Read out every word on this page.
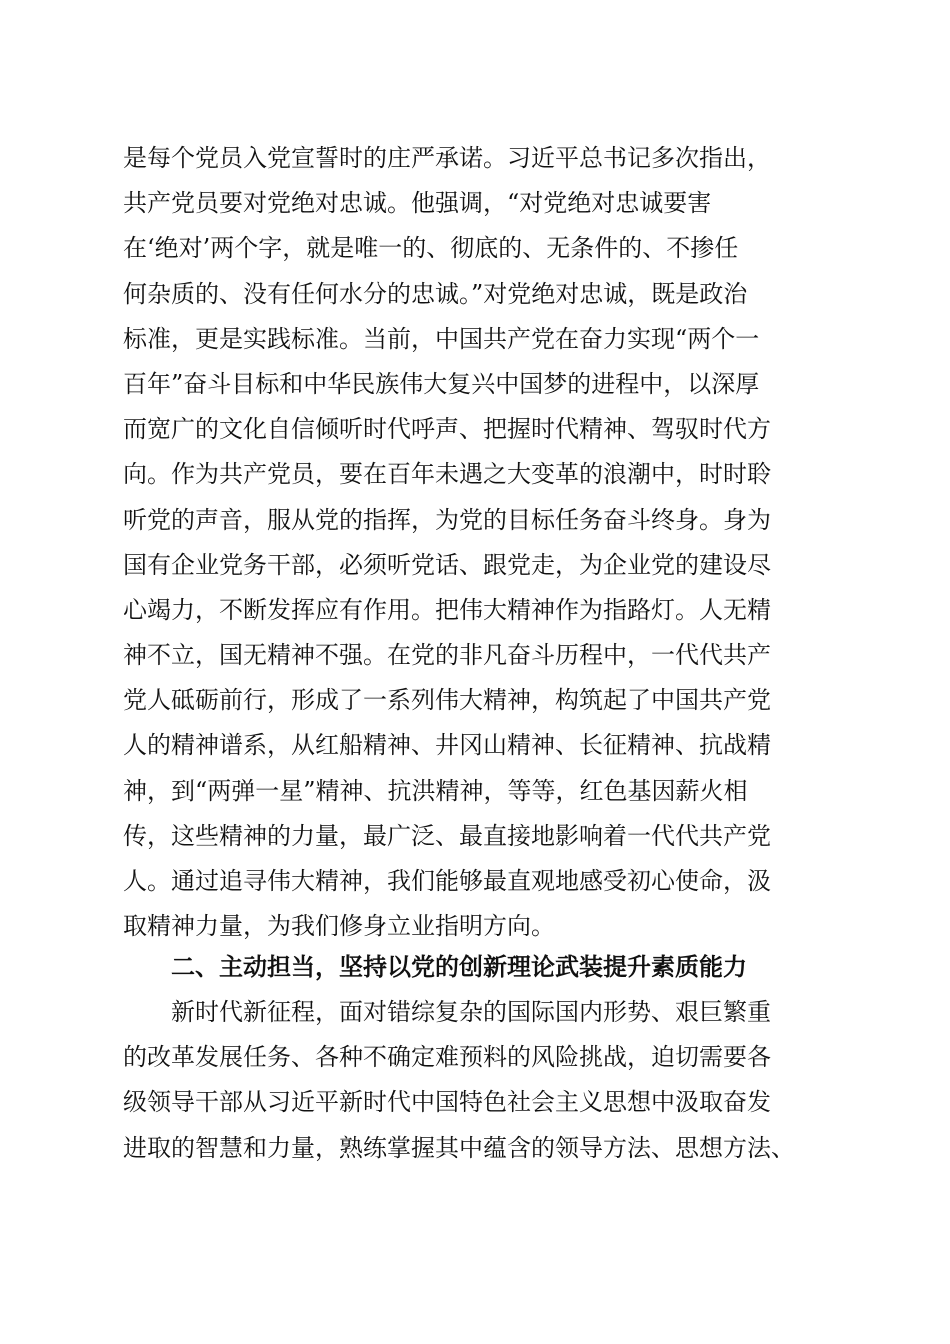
是每个党员入党宣誓时的庄严承诺。习近平总书记多次指出，
共产党员要对党绝对忠诚。他强调，“对党绝对忠诚要害
在‘绝对’两个字，就是唯一的、彻底的、无条件的、不掺任
何杂质的、没有任何水分的忠诚。”对党绝对忠诚，既是政治
标准，更是实践标准。当前，中国共产党在奋力实现“两个一
百年”奋斗目标和中华民族伟大复兴中国梦的进程中，以深厚
而宽广的文化自信倾听时代呼声、把握时代精神、驾驭时代方
向。作为共产党员，要在百年未遇之大变革的浪潮中，时时聆
听党的声音，服从党的指挥，为党的目标任务奋斗终身。身为
国有企业党务干部，必须听党话、跟党走，为企业党的建设尽
心竭力，不断发挥应有作用。把伟大精神作为指路灯。人无精
神不立，国无精神不强。在党的非凡奋斗历程中，一代代共产
党人砥砺前行，形成了一系列伟大精神，构筑起了中国共产党
人的精神谱系，从红船精神、井冈山精神、长征精神、抗战精
神，到“两弹一星”精神、抗洪精神，等等，红色基因薪火相
传，这些精神的力量，最广泛、最直接地影响着一代代共产党
人。通过追寻伟大精神，我们能够最直观地感受初心使命，汲
取精神力量，为我们修身立业指明方向。
二、主动担当，坚持以党的创新理论武装提升素质能力
新时代新征程，面对错综复杂的国际国内形势、艰巨繁重
的改革发展任务、各种不确定难预料的风险挑战，迫切需要各
级领导干部从习近平新时代中国特色社会主义思想中汲取奋发
进取的智慧和力量，熟练掌握其中蕴含的领导方法、思想方法、
